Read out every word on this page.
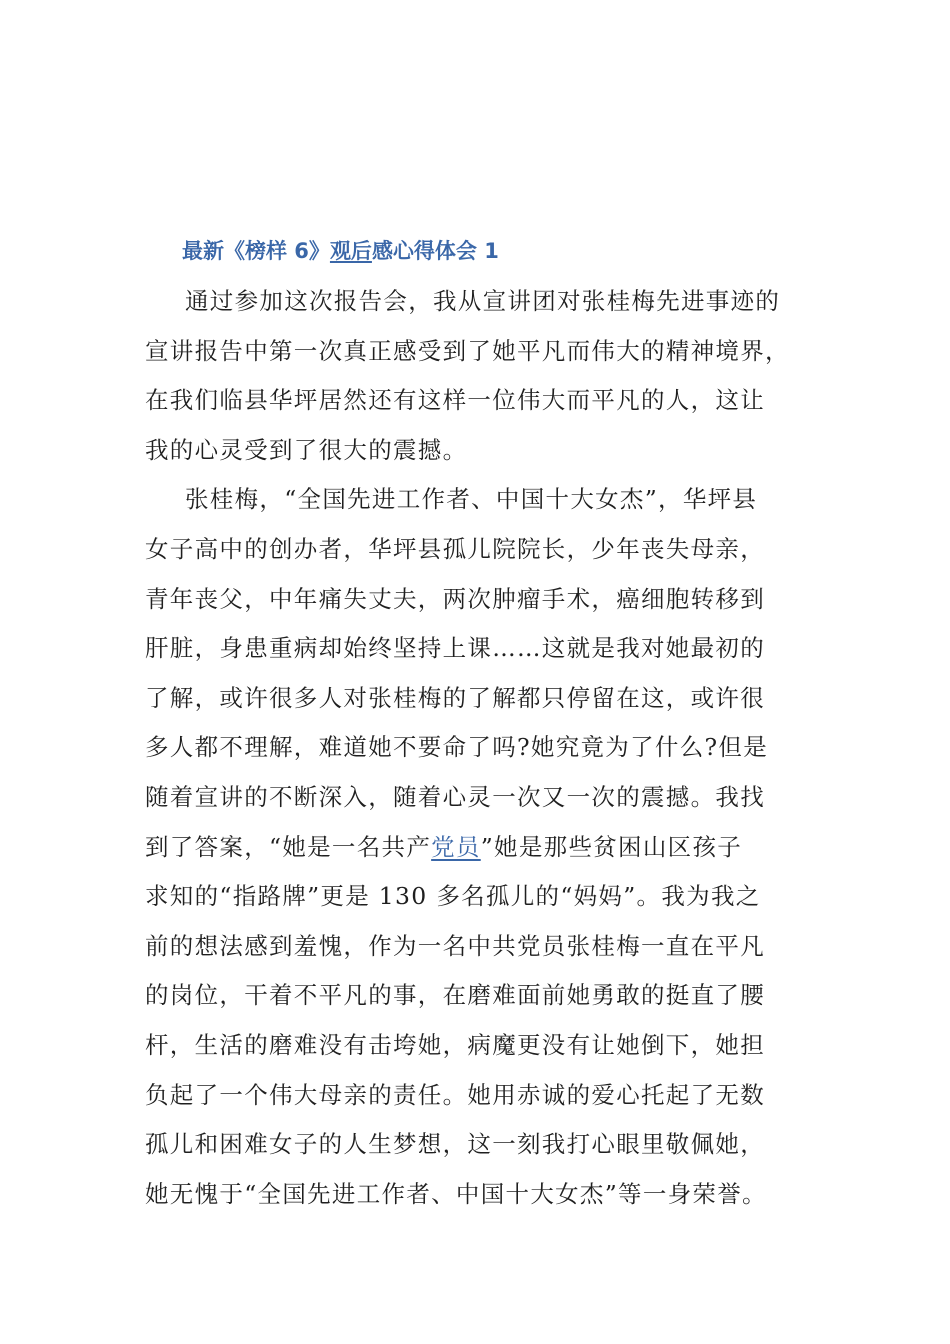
最新《榜样 6》观后感心得体会 1
通过参加这次报告会，我从宣讲团对张桂梅先进事迹的
宣讲报告中第一次真正感受到了她平凡而伟大的精神境界，
在我们临县华坪居然还有这样一位伟大而平凡的人，这让
我的心灵受到了很大的震撼。
张桂梅，“全国先进工作者、中国十大女杰”，华坪县
女子高中的创办者，华坪县孤儿院院长，少年丧失母亲，
青年丧父，中年痛失丈夫，两次肿瘤手术，癌细胞转移到
肝脏，身患重病却始终坚持上课……这就是我对她最初的
了解，或许很多人对张桂梅的了解都只停留在这，或许很
多人都不理解，难道她不要命了吗?她究竟为了什么?但是
随着宣讲的不断深入，随着心灵一次又一次的震撼。我找
到了答案，“她是一名共产党员”她是那些贫困山区孩子
求知的“指路牌”更是 130 多名孤儿的“妈妈”。我为我之
前的想法感到羞愧，作为一名中共党员张桂梅一直在平凡
的岗位，干着不平凡的事，在磨难面前她勇敢的挺直了腰
杆，生活的磨难没有击垮她，病魔更没有让她倒下，她担
负起了一个伟大母亲的责任。她用赤诚的爱心托起了无数
孤儿和困难女子的人生梦想，这一刻我打心眼里敬佩她，
她无愧于“全国先进工作者、中国十大女杰”等一身荣誉。
